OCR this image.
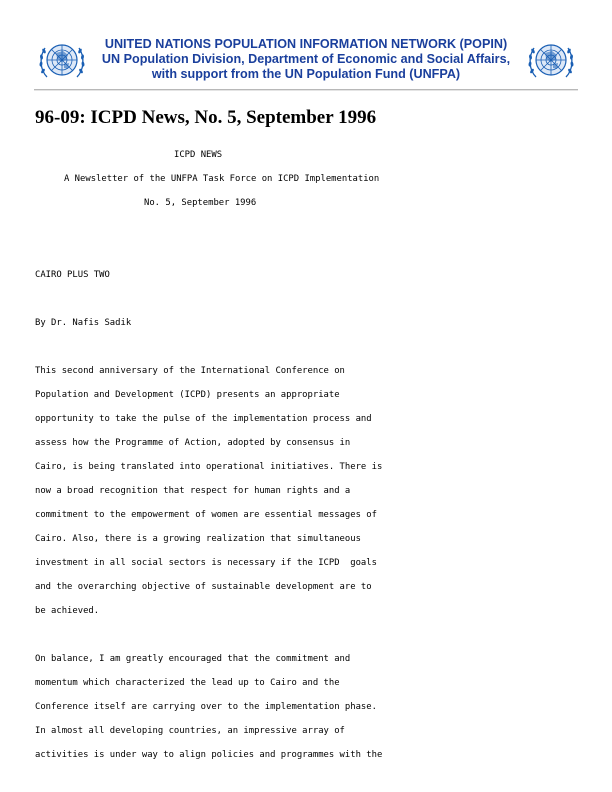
UNITED NATIONS POPULATION INFORMATION NETWORK (POPIN)
UN Population Division, Department of Economic and Social Affairs,
with support from the UN Population Fund (UNFPA)
96-09: ICPD News, No. 5, September 1996
ICPD NEWS
A Newsletter of the UNFPA Task Force on ICPD Implementation
No. 5, September 1996
CAIRO PLUS TWO
By Dr. Nafis Sadik
This second anniversary of the International Conference on
Population and Development (ICPD) presents an appropriate
opportunity to take the pulse of the implementation process and
assess how the Programme of Action, adopted by consensus in
Cairo, is being translated into operational initiatives. There is
now a broad recognition that respect for human rights and a
commitment to the empowerment of women are essential messages of
Cairo. Also, there is a growing realization that simultaneous
investment in all social sectors is necessary if the ICPD  goals
and the overarching objective of sustainable development are to
be achieved.
On balance, I am greatly encouraged that the commitment and
momentum which characterized the lead up to Cairo and the
Conference itself are carrying over to the implementation phase.
In almost all developing countries, an impressive array of
activities is under way to align policies and programmes with the
